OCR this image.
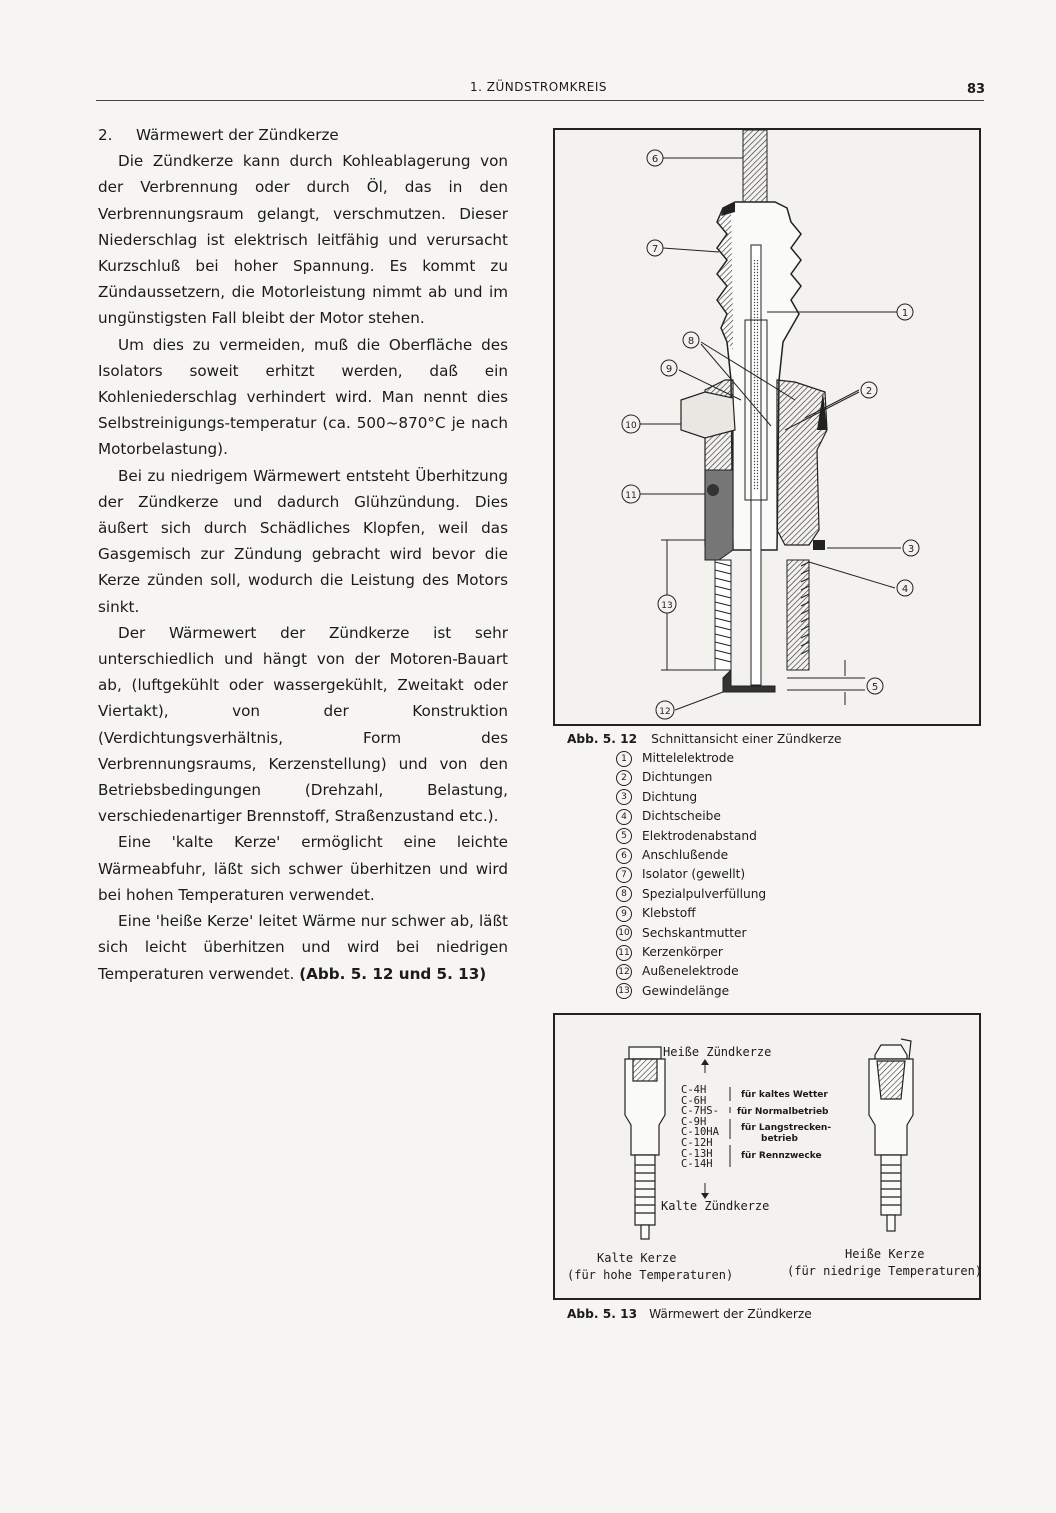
1. ZÜNDSTROMKREIS	83
2. Wärmewert der Zündkerze

Die Zündkerze kann durch Kohleablagerung von der Verbrennung oder durch Öl, das in den Verbrennungsraum gelangt, verschmutzen. Dieser Niederschlag ist elektrisch leitfähig und verursacht Kurzschluß bei hoher Spannung. Es kommt zu Zündaussetzern, die Motorleistung nimmt ab und im ungünstigsten Fall bleibt der Motor stehen.

Um dies zu vermeiden, muß die Oberfläche des Isolators soweit erhitzt werden, daß ein Kohleniederschlag verhindert wird. Man nennt dies Selbstreinigungs-temperatur (ca. 500~870°C je nach Motorbelastung).

Bei zu niedrigem Wärmewert entsteht Überhitzung der Zündkerze und dadurch Glühzündung. Dies äußert sich durch Schädliches Klopfen, weil das Gasgemisch zur Zündung gebracht wird bevor die Kerze zünden soll, wodurch die Leistung des Motors sinkt.

Der Wärmewert der Zündkerze ist sehr unterschiedlich und hängt von der Motoren-Bauart ab, (luftgekühlt oder wassergekühlt, Zweitakt oder Viertakt), von der Konstruktion (Verdichtungsverhältnis, Form des Verbrennungsraums, Kerzenstellung) und von den Betriebsbedingungen (Drehzahl, Belastung, verschiedenartiger Brennstoff, Straßenzustand etc.).

Eine 'kalte Kerze' ermöglicht eine leichte Wärmeabfuhr, läßt sich schwer überhitzen und wird bei hohen Temperaturen verwendet.

Eine 'heiße Kerze' leitet Wärme nur schwer ab, läßt sich leicht überhitzen und wird bei niedrigen Temperaturen verwendet. (Abb. 5. 12 und 5. 13)

6
7
1
8
9
2
10
11
3
4
13
5
12
Abb. 5. 12 Schnittansicht einer Zündkerze
1 Mittelelektrode
2 Dichtungen
3 Dichtung
4 Dichtscheibe
5 Elektrodenabstand
6 Anschlußende
7 Isolator (gewellt)
8 Spezialpulverfüllung
9 Klebstoff
10 Sechskantmutter
11 Kerzenkörper
12 Außenelektrode
13 Gewindelänge
Heiße Zündkerze
C-4H
C-6H
C-7HS-
C-9H
C-10HA
C-12H
C-13H
C-14H
für kaltes Wetter
für Normalbetrieb
für Langstrecken-
betrieb
für Rennzwecke
Kalte Zündkerze
Kalte Kerze
(für hohe Temperaturen)
Heiße Kerze
(für niedrige Temperaturen)
Abb. 5. 13 Wärmewert der Zündkerze
